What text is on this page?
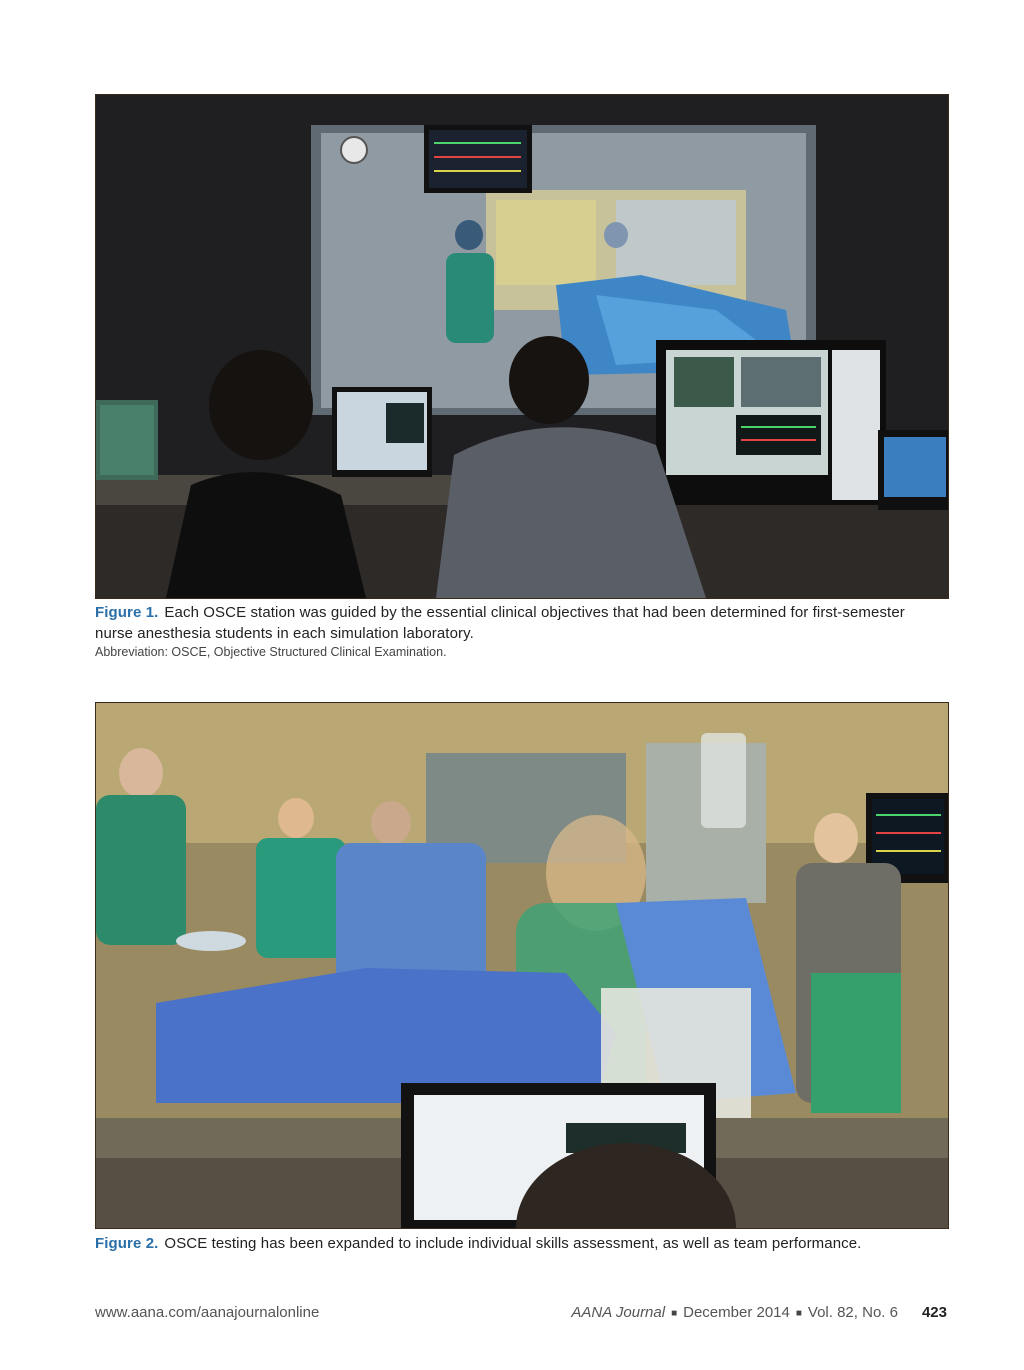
Figure 1. Each OSCE station was guided by the essential clinical objectives that had been determined for first-semester nurse anesthesia students in each simulation laboratory.
Abbreviation: OSCE, Objective Structured Clinical Examination.
Figure 2. OSCE testing has been expanded to include individual skills assessment, as well as team performance.
www.aana.com/aanajournalonline	AANA Journal ■ December 2014 ■ Vol. 82, No. 6 423
